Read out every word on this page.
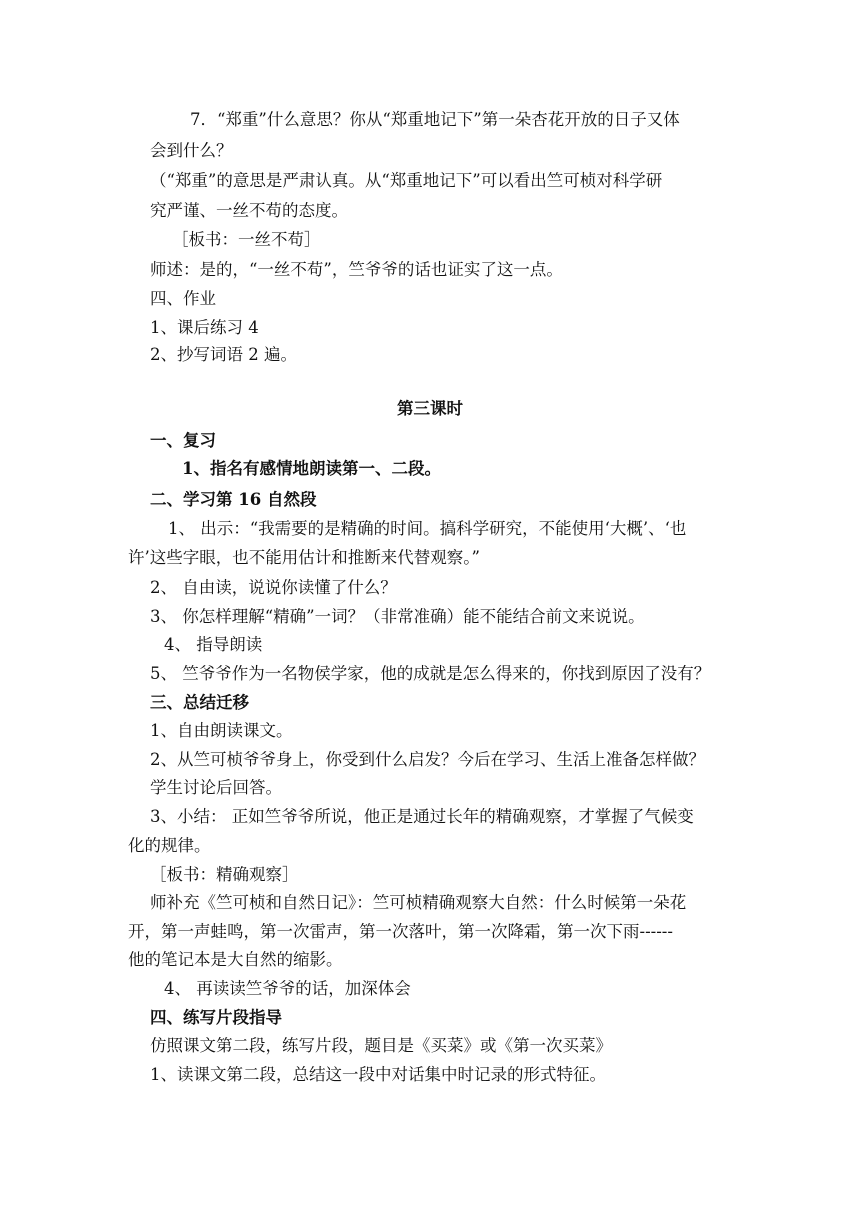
第三课时
7．“郑重”什么意思？你从“郑重地记下”第一朵杏花开放的日子又体
会到什么？
（“郑重”的意思是严肃认真。从“郑重地记下”可以看出竺可桢对科学研
究严谨、一丝不苟的态度。
［板书：一丝不苟］
师述：是的，“一丝不苟”，竺爷爷的话也证实了这一点。
四、作业
1、课后练习 4
2、抄写词语 2 遍。
一、复习
1、指名有感情地朗读第一、二段。
二、学习第 16 自然段
1、 出示：“我需要的是精确的时间。搞科学研究，不能使用‘大概’、‘也
许’这些字眼，也不能用估计和推断来代替观察。”
2、 自由读，说说你读懂了什么？
3、 你怎样理解“精确”一词？（非常准确）能不能结合前文来说说。
4、 指导朗读
5、 竺爷爷作为一名物侯学家，他的成就是怎么得来的，你找到原因了没有？
三、总结迁移
1、自由朗读课文。
2、从竺可桢爷爷身上，你受到什么启发？今后在学习、生活上准备怎样做？
学生讨论后回答。
3、小结： 正如竺爷爷所说，他正是通过长年的精确观察，才掌握了气候变
化的规律。
［板书：精确观察］
师补充《竺可桢和自然日记》：竺可桢精确观察大自然：什么时候第一朵花
开，第一声蛙鸣，第一次雷声，第一次落叶，第一次降霜，第一次下雨------
他的笔记本是大自然的缩影。
4、 再读读竺爷爷的话，加深体会
四、练写片段指导
仿照课文第二段，练写片段，题目是《买菜》或《第一次买菜》
1、读课文第二段，总结这一段中对话集中时记录的形式特征。
